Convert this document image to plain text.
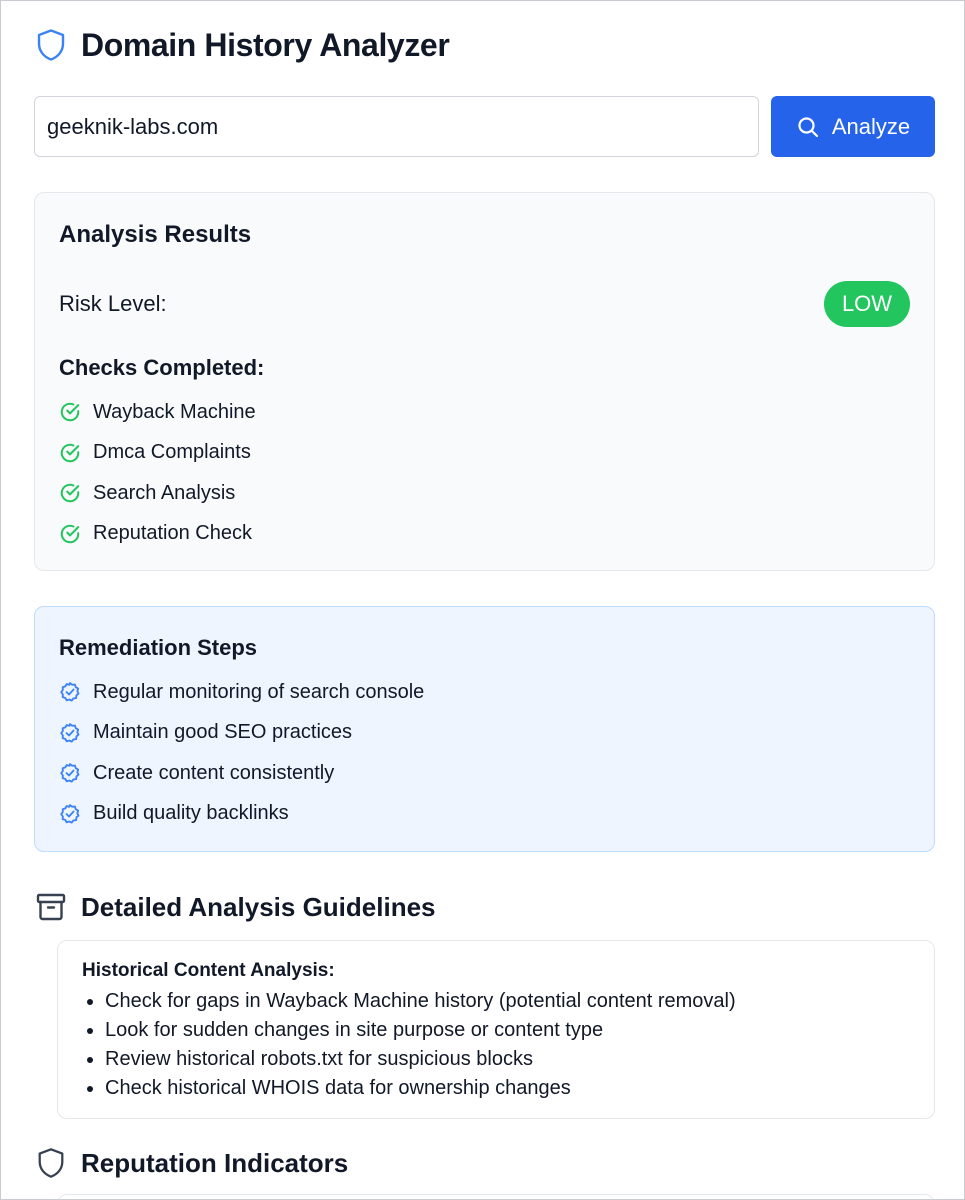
Domain History Analyzer
geeknik-labs.com
Analyze
Analysis Results
Risk Level:	LOW
Checks Completed:
Wayback Machine
Dmca Complaints
Search Analysis
Reputation Check
Remediation Steps
Regular monitoring of search console
Maintain good SEO practices
Create content consistently
Build quality backlinks
Detailed Analysis Guidelines
Historical Content Analysis:
• Check for gaps in Wayback Machine history (potential content removal)
• Look for sudden changes in site purpose or content type
• Review historical robots.txt for suspicious blocks
• Check historical WHOIS data for ownership changes
Reputation Indicators
